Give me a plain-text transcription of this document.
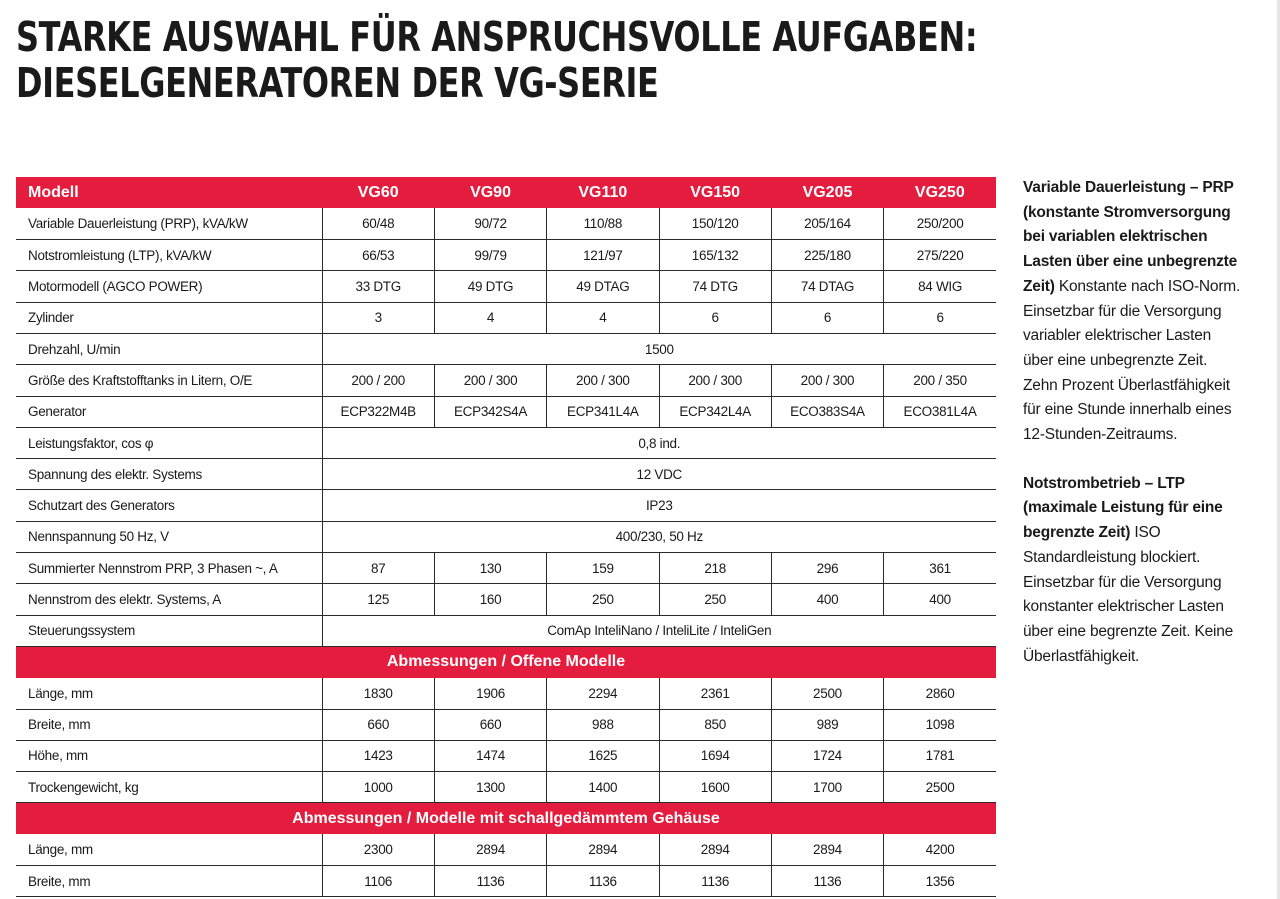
STARKE AUSWAHL FÜR ANSPRUCHSVOLLE AUFGABEN:
DIESELGENERATOREN DER VG-SERIE
Modell	VG60	VG90	VG110	VG150	VG205	VG250
Variable Dauerleistung (PRP), kVA/kW	60/48	90/72	110/88	150/120	205/164	250/200
Notstromleistung (LTP), kVA/kW	66/53	99/79	121/97	165/132	225/180	275/220
Motormodell (AGCO POWER)	33 DTG	49 DTG	49 DTAG	74 DTG	74 DTAG	84 WIG
Zylinder	3	4	4	6	6	6
Drehzahl, U/min	1500					
Größe des Kraftstofftanks in Litern, O/E	200 / 200	200 / 300	200 / 300	200 / 300	200 / 300	200 / 350
Generator	ECP322M4B	ECP342S4A	ECP341L4A	ECP342L4A	ECO383S4A	ECO381L4A
Leistungsfaktor, cos φ	0,8 ind.					
Spannung des elektr. Systems	12 VDC					
Schutzart des Generators	IP23					
Nennspannung 50 Hz, V	400/230, 50 Hz					
Summierter Nennstrom PRP, 3 Phasen ~, A	87	130	159	218	296	361
Nennstrom des elektr. Systems, A	125	160	250	250	400	400
Steuerungssystem	ComAp InteliNano / InteliLite / InteliGen					
Abmessungen / Offene Modelle						
Länge, mm	1830	1906	2294	2361	2500	2860
Breite, mm	660	660	988	850	989	1098
Höhe, mm	1423	1474	1625	1694	1724	1781
Trockengewicht, kg	1000	1300	1400	1600	1700	2500
Abmessungen / Modelle mit schallgedämmtem Gehäuse						
Länge, mm	2300	2894	2894	2894	2894	4200
Breite, mm	1106	1136	1136	1136	1136	1356

Variable Dauerleistung – PRP (konstante Stromversorgung bei variablen elektrischen Lasten über eine unbegrenzte Zeit) Konstante nach ISO-Norm. Einsetzbar für die Versorgung variabler elektrischer Lasten über eine unbegrenzte Zeit. Zehn Prozent Überlastfähigkeit für eine Stunde innerhalb eines 12-Stunden-Zeitraums.

Notstrombetrieb – LTP (maximale Leistung für eine begrenzte Zeit) ISO Standardleistung blockiert. Einsetzbar für die Versorgung konstanter elektrischer Lasten über eine begrenzte Zeit. Keine Überlastfähigkeit.
